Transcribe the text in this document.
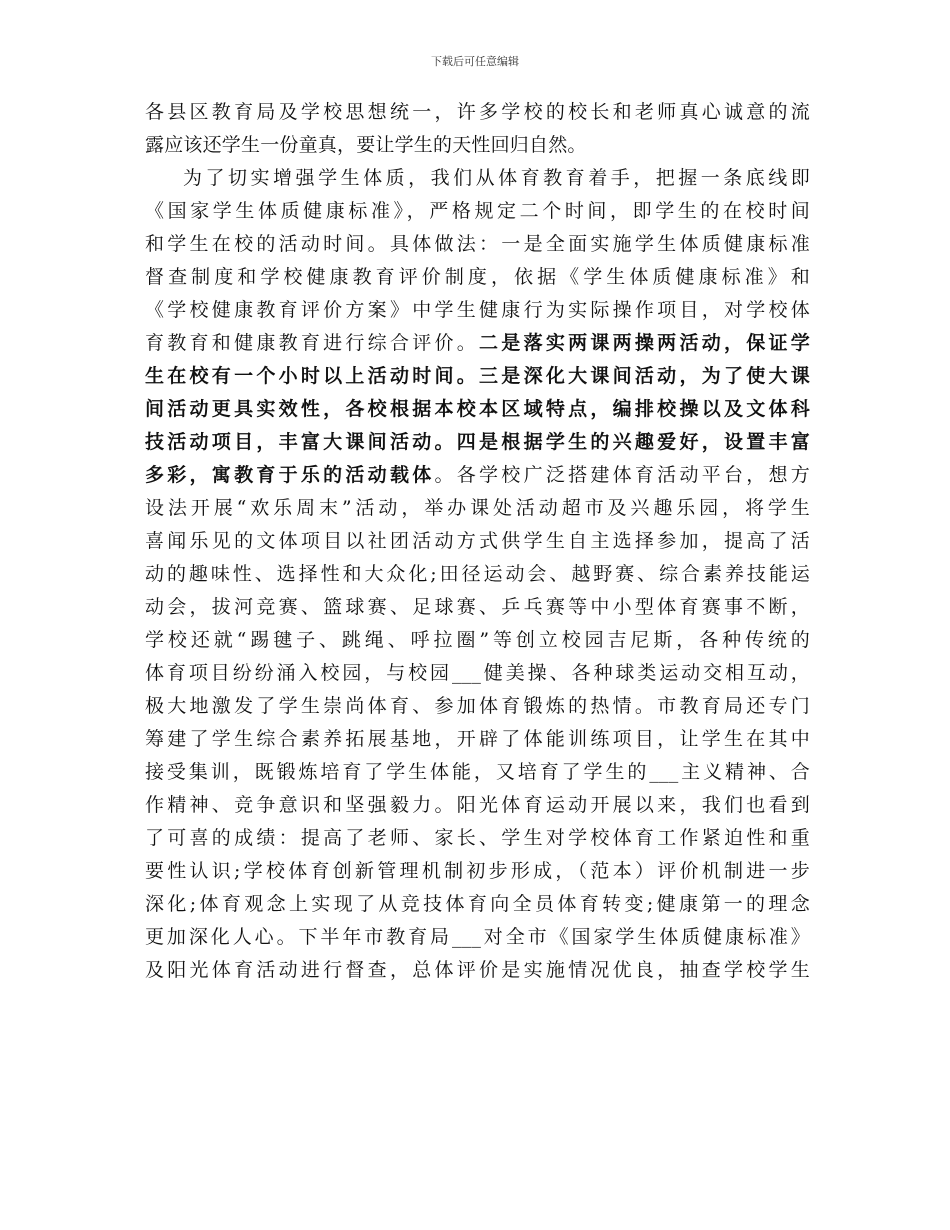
下载后可任意编辑
各县区教育局及学校思想统一，许多学校的校长和老师真心诚意的流
露应该还学生一份童真，要让学生的天性回归自然。
为了切实增强学生体质，我们从体育教育着手，把握一条底线即
《国家学生体质健康标准》，严格规定二个时间，即学生的在校时间
和学生在校的活动时间。具体做法：一是全面实施学生体质健康标准
督查制度和学校健康教育评价制度，依据《学生体质健康标准》和
《学校健康教育评价方案》中学生健康行为实际操作项目，对学校体
育教育和健康教育进行综合评价。二是落实两课两操两活动，保证学
生在校有一个小时以上活动时间。三是深化大课间活动，为了使大课
间活动更具实效性，各校根据本校本区域特点，编排校操以及文体科
技活动项目，丰富大课间活动。四是根据学生的兴趣爱好，设置丰富
多彩，寓教育于乐的活动载体。各学校广泛搭建体育活动平台，想方
设法开展“欢乐周末”活动，举办课处活动超市及兴趣乐园，将学生
喜闻乐见的文体项目以社团活动方式供学生自主选择参加，提高了活
动的趣味性、选择性和大众化;田径运动会、越野赛、综合素养技能运
动会，拔河竞赛、篮球赛、足球赛、乒乓赛等中小型体育赛事不断，
学校还就“踢毽子、跳绳、呼拉圈”等创立校园吉尼斯，各种传统的
体育项目纷纷涌入校园，与校园___健美操、各种球类运动交相互动，
极大地激发了学生崇尚体育、参加体育锻炼的热情。市教育局还专门
筹建了学生综合素养拓展基地，开辟了体能训练项目，让学生在其中
接受集训，既锻炼培育了学生体能，又培育了学生的___主义精神、合
作精神、竞争意识和坚强毅力。阳光体育运动开展以来，我们也看到
了可喜的成绩：提高了老师、家长、学生对学校体育工作紧迫性和重
要性认识;学校体育创新管理机制初步形成，（范本）评价机制进一步
深化;体育观念上实现了从竞技体育向全员体育转变;健康第一的理念
更加深化人心。下半年市教育局___对全市《国家学生体质健康标准》
及阳光体育活动进行督查，总体评价是实施情况优良，抽查学校学生
